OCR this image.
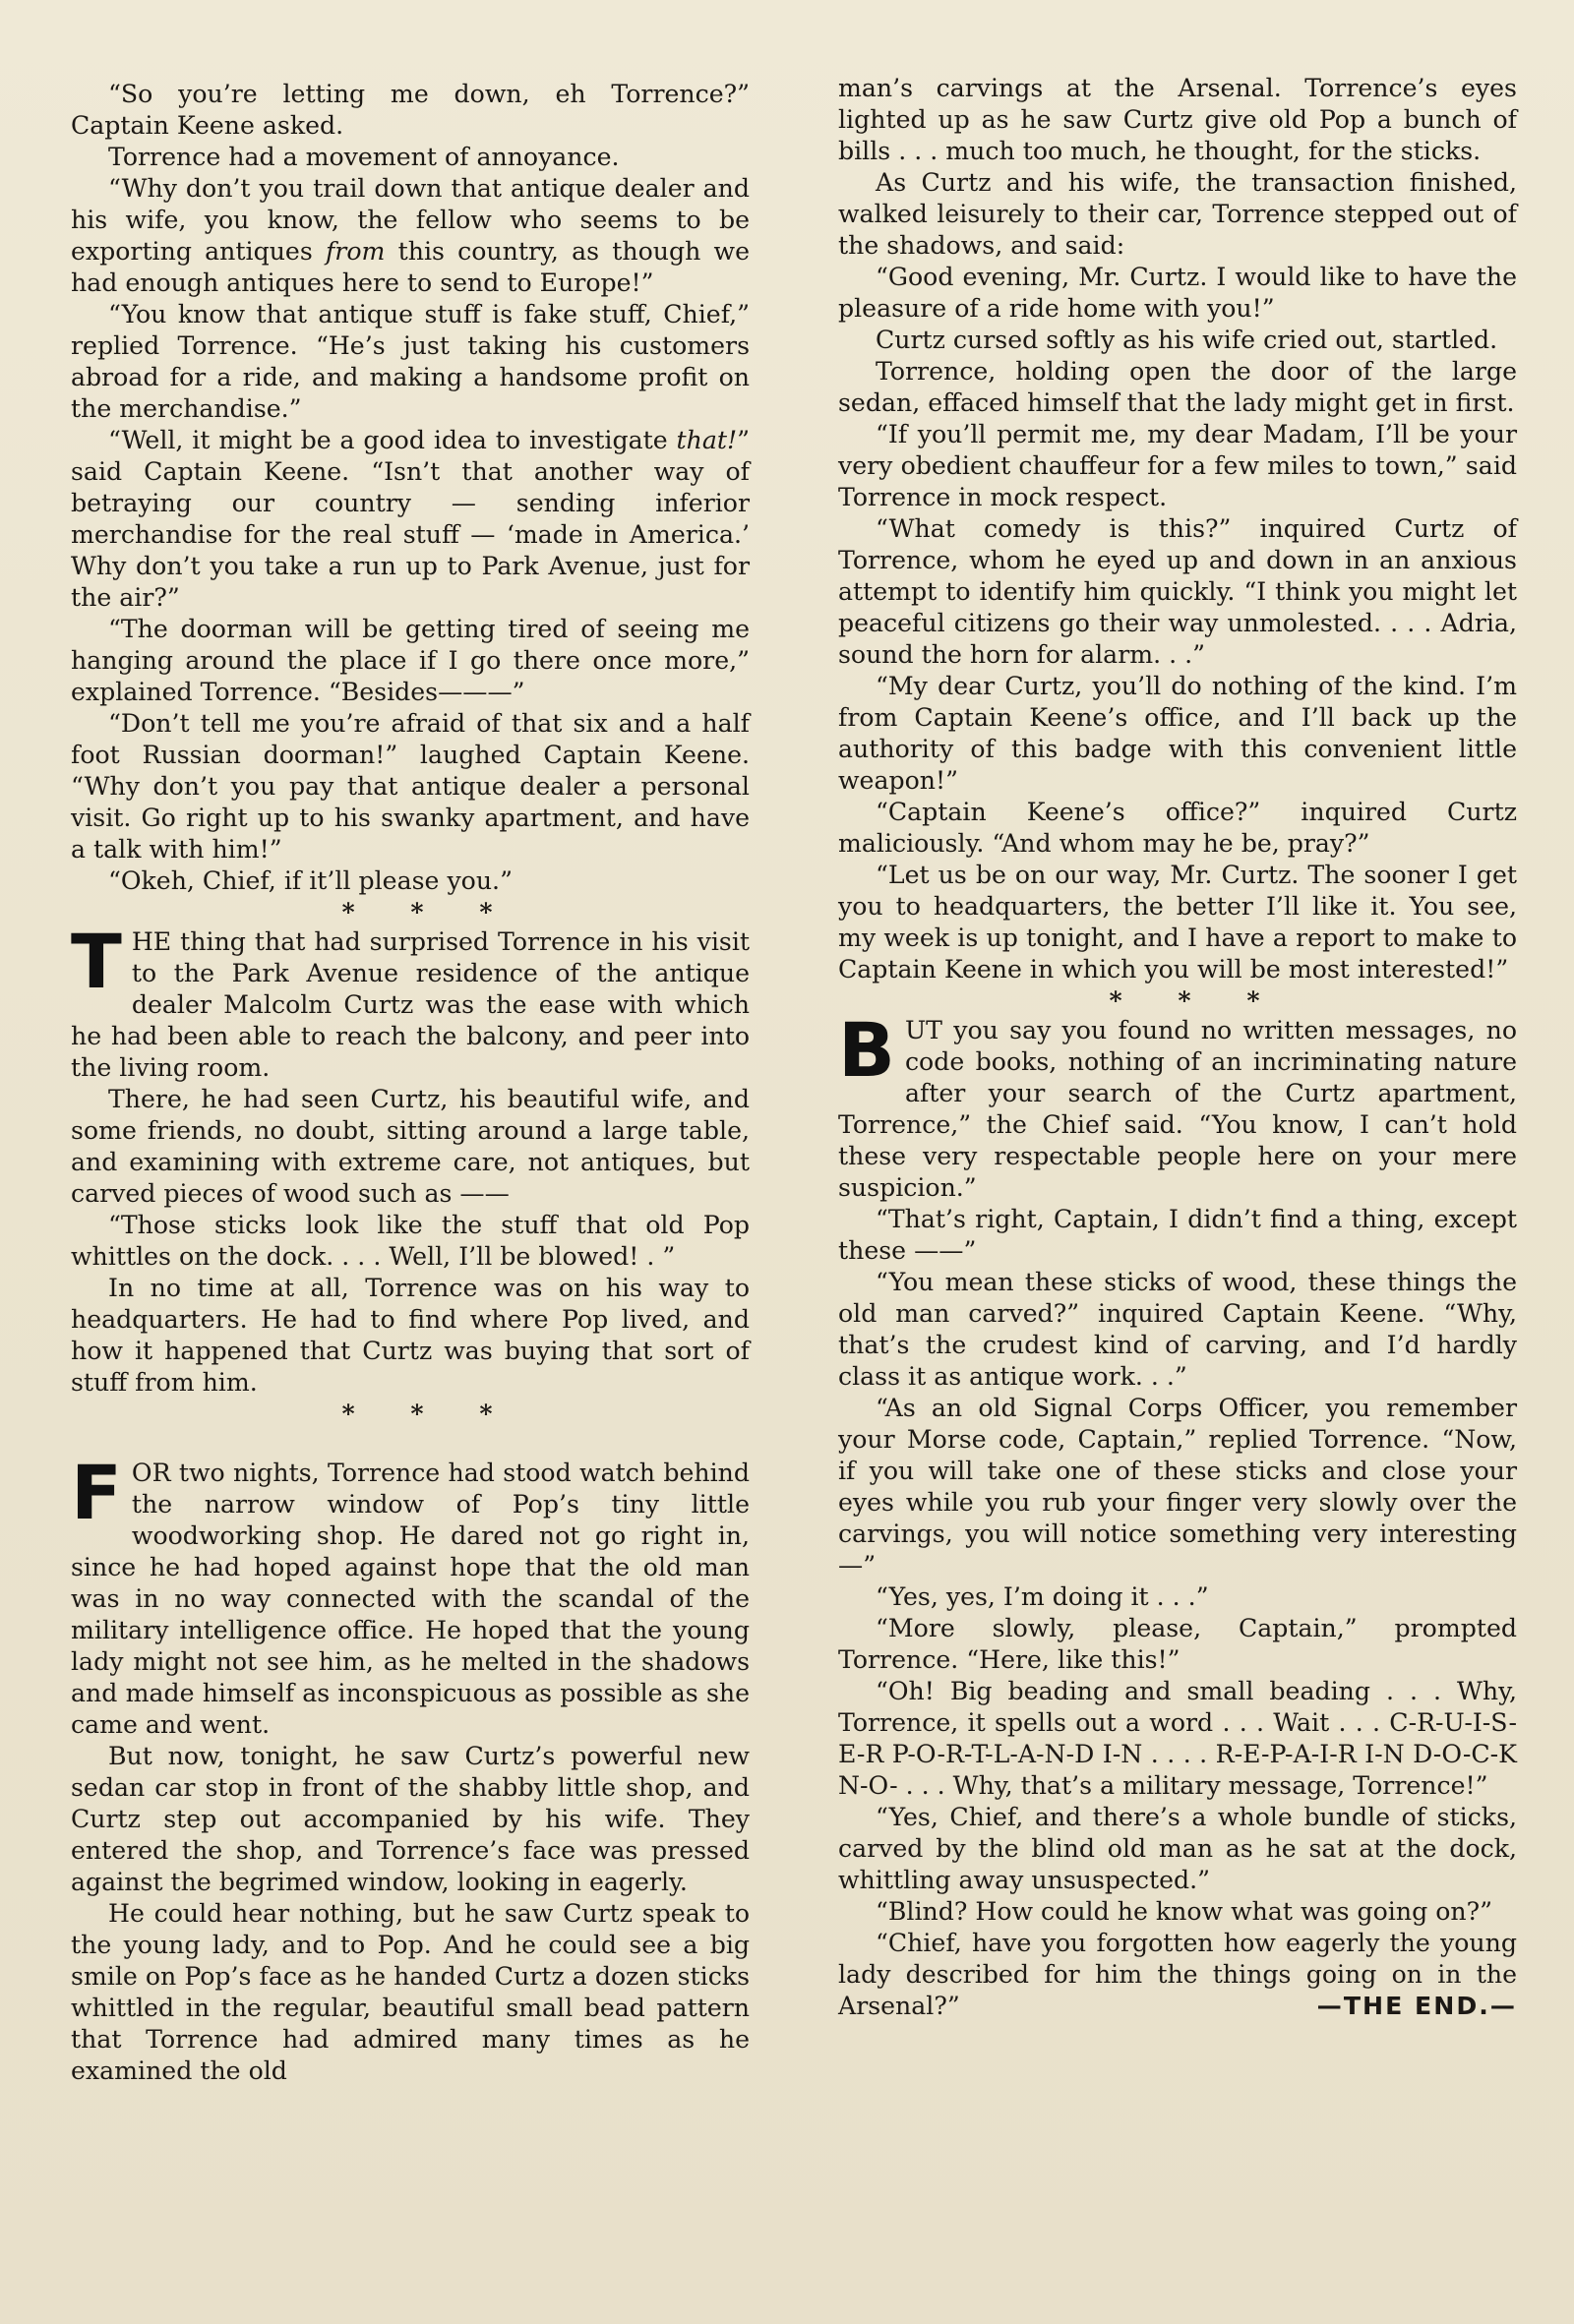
“So you’re letting me down, eh Torrence?” Captain Keene asked.

Torrence had a movement of annoyance.

“Why don’t you trail down that antique dealer and his wife, you know, the fellow who seems to be exporting antiques from this country, as though we had enough antiques here to send to Europe!”

“You know that antique stuff is fake stuff, Chief,” replied Torrence. “He’s just taking his customers abroad for a ride, and making a handsome profit on the merchandise.”

“Well, it might be a good idea to investigate that!” said Captain Keene. “Isn’t that another way of betraying our country — sending inferior merchandise for the real stuff — ‘made in America.’ Why don’t you take a run up to Park Avenue, just for the air?”

“The doorman will be getting tired of seeing me hanging around the place if I go there once more,” explained Torrence. “Besides———”

“Don’t tell me you’re afraid of that six and a half foot Russian doorman!” laughed Captain Keene. “Why don’t you pay that antique dealer a personal visit. Go right up to his swanky apartment, and have a talk with him!”

“Okeh, Chief, if it’ll please you.”

* * *

THE thing that had surprised Torrence in his visit to the Park Avenue residence of the antique dealer Malcolm Curtz was the ease with which he had been able to reach the balcony, and peer into the living room.

There, he had seen Curtz, his beautiful wife, and some friends, no doubt, sitting around a large table, and examining with extreme care, not antiques, but carved pieces of wood such as ——

“Those sticks look like the stuff that old Pop whittles on the dock. . . . Well, I’ll be blowed! . ”

In no time at all, Torrence was on his way to headquarters. He had to find where Pop lived, and how it happened that Curtz was buying that sort of stuff from him.

* * *

FOR two nights, Torrence had stood watch behind the narrow window of Pop’s tiny little woodworking shop. He dared not go right in, since he had hoped against hope that the old man was in no way connected with the scandal of the military intelligence office. He hoped that the young lady might not see him, as he melted in the shadows and made himself as inconspicuous as possible as she came and went.

But now, tonight, he saw Curtz’s powerful new sedan car stop in front of the shabby little shop, and Curtz step out accompanied by his wife. They entered the shop, and Torrence’s face was pressed against the begrimed window, looking in eagerly.

He could hear nothing, but he saw Curtz speak to the young lady, and to Pop. And he could see a big smile on Pop’s face as he handed Curtz a dozen sticks whittled in the regular, beautiful small bead pattern that Torrence had admired many times as he examined the old

man’s carvings at the Arsenal. Torrence’s eyes lighted up as he saw Curtz give old Pop a bunch of bills . . . much too much, he thought, for the sticks.

As Curtz and his wife, the transaction finished, walked leisurely to their car, Torrence stepped out of the shadows, and said:

“Good evening, Mr. Curtz. I would like to have the pleasure of a ride home with you!”

Curtz cursed softly as his wife cried out, startled.

Torrence, holding open the door of the large sedan, effaced himself that the lady might get in first.

“If you’ll permit me, my dear Madam, I’ll be your very obedient chauffeur for a few miles to town,” said Torrence in mock respect.

“What comedy is this?” inquired Curtz of Torrence, whom he eyed up and down in an anxious attempt to identify him quickly. “I think you might let peaceful citizens go their way unmolested. . . . Adria, sound the horn for alarm. . .”

“My dear Curtz, you’ll do nothing of the kind. I’m from Captain Keene’s office, and I’ll back up the authority of this badge with this convenient little weapon!”

“Captain Keene’s office?” inquired Curtz maliciously. “And whom may he be, pray?”

“Let us be on our way, Mr. Curtz. The sooner I get you to headquarters, the better I’ll like it. You see, my week is up tonight, and I have a report to make to Captain Keene in which you will be most interested!”

* * *

BUT you say you found no written messages, no code books, nothing of an incriminating nature after your search of the Curtz apartment, Torrence,” the Chief said. “You know, I can’t hold these very respectable people here on your mere suspicion.”

“That’s right, Captain, I didn’t find a thing, except these ——”

“You mean these sticks of wood, these things the old man carved?” inquired Captain Keene. “Why, that’s the crudest kind of carving, and I’d hardly class it as antique work. . .”

“As an old Signal Corps Officer, you remember your Morse code, Captain,” replied Torrence. “Now, if you will take one of these sticks and close your eyes while you rub your finger very slowly over the carvings, you will notice something very interesting—”

“Yes, yes, I’m doing it . . .”

“More slowly, please, Captain,” prompted Torrence. “Here, like this!”

“Oh! Big beading and small beading . . . Why, Torrence, it spells out a word . . . Wait . . . C-R-U-I-S-E-R P-O-R-T-L-A-N-D I-N . . . . R-E-P-A-I-R I-N D-O-C-K N-O- . . . Why, that’s a military message, Torrence!”

“Yes, Chief, and there’s a whole bundle of sticks, carved by the blind old man as he sat at the dock, whittling away unsuspected.”

“Blind? How could he know what was going on?”

“Chief, have you forgotten how eagerly the young lady described for him the things going on in the Arsenal?”	—THE END.—
